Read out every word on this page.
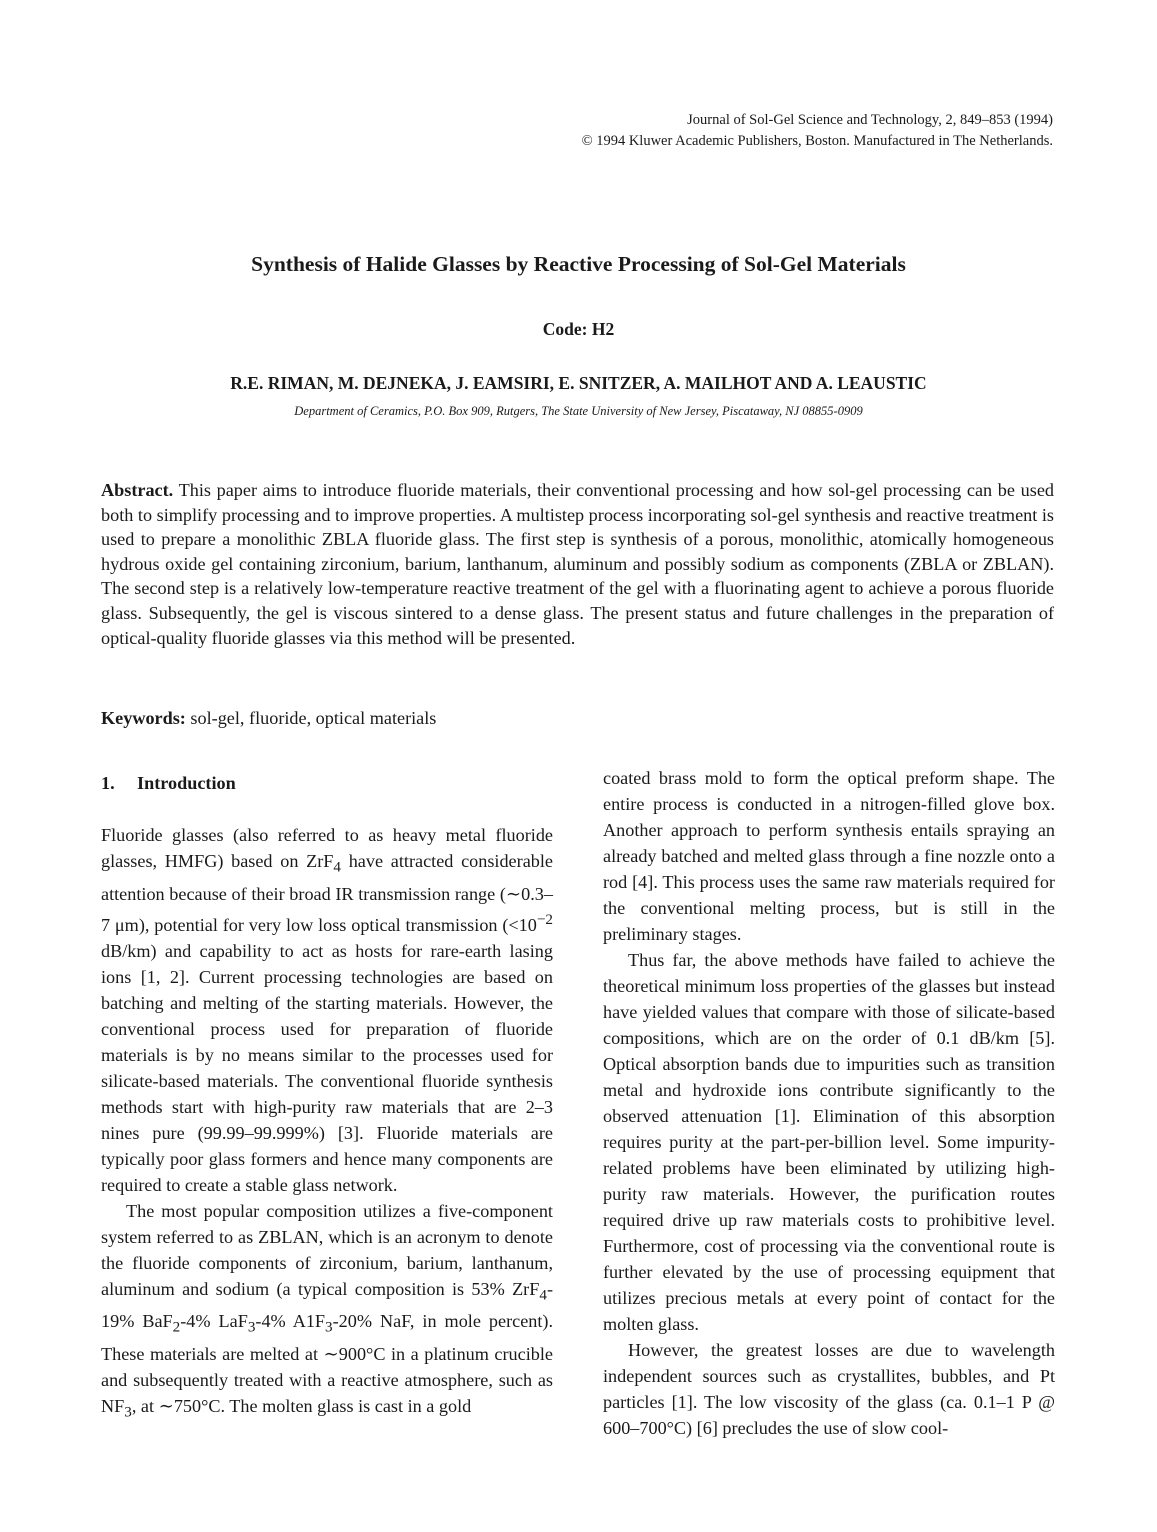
Journal of Sol-Gel Science and Technology, 2, 849–853 (1994)
© 1994 Kluwer Academic Publishers, Boston. Manufactured in The Netherlands.
Synthesis of Halide Glasses by Reactive Processing of Sol-Gel Materials
Code: H2
R.E. RIMAN, M. DEJNEKA, J. EAMSIRI, E. SNITZER, A. MAILHOT AND A. LEAUSTIC
Department of Ceramics, P.O. Box 909, Rutgers, The State University of New Jersey, Piscataway, NJ 08855-0909

Abstract. This paper aims to introduce fluoride materials, their conventional processing and how sol-gel processing can be used both to simplify processing and to improve properties. A multistep process incorporating sol-gel synthesis and reactive treatment is used to prepare a monolithic ZBLA fluoride glass. The first step is synthesis of a porous, monolithic, atomically homogeneous hydrous oxide gel containing zirconium, barium, lanthanum, aluminum and possibly sodium as components (ZBLA or ZBLAN). The second step is a relatively low-temperature reactive treatment of the gel with a fluorinating agent to achieve a porous fluoride glass. Subsequently, the gel is viscous sintered to a dense glass. The present status and future challenges in the preparation of optical-quality fluoride glasses via this method will be presented.

Keywords: sol-gel, fluoride, optical materials

1. Introduction

Fluoride glasses (also referred to as heavy metal fluoride glasses, HMFG) based on ZrF$_4$ have attracted considerable attention because of their broad IR transmission range (∼0.3–7 μm), potential for very low loss optical transmission ($<10^{-2}$ dB/km) and capability to act as hosts for rare-earth lasing ions [1, 2]. Current processing technologies are based on batching and melting of the starting materials. However, the conventional process used for preparation of fluoride materials is by no means similar to the processes used for silicate-based materials. The conventional fluoride synthesis methods start with high-purity raw materials that are 2–3 nines pure (99.99–99.999%) [3]. Fluoride materials are typically poor glass formers and hence many components are required to create a stable glass network.

The most popular composition utilizes a five-component system referred to as ZBLAN, which is an acronym to denote the fluoride components of zirconium, barium, lanthanum, aluminum and sodium (a typical composition is 53% ZrF$_4$-19% BaF$_2$-4% LaF$_3$-4% $A1F_3-20\%$ NaF, in mole percent). These materials are melted at ∼900°C in a platinum crucible and subsequently treated with a reactive atmosphere, such as $NF_3$, at ∼750°C. The molten glass is cast in a gold

coated brass mold to form the optical preform shape. The entire process is conducted in a nitrogen-filled glove box. Another approach to perform synthesis entails spraying an already batched and melted glass through a fine nozzle onto a rod [4]. This process uses the same raw materials required for the conventional melting process, but is still in the preliminary stages.

Thus far, the above methods have failed to achieve the theoretical minimum loss properties of the glasses but instead have yielded values that compare with those of silicate-based compositions, which are on the order of 0.1 dB/km [5]. Optical absorption bands due to impurities such as transition metal and hydroxide ions contribute significantly to the observed attenuation [1]. Elimination of this absorption requires purity at the part-per-billion level. Some impurity-related problems have been eliminated by utilizing high-purity raw materials. However, the purification routes required drive up raw materials costs to prohibitive level. Furthermore, cost of processing via the conventional route is further elevated by the use of processing equipment that utilizes precious metals at every point of contact for the molten glass.

However, the greatest losses are due to wavelength independent sources such as crystallites, bubbles, and Pt particles [1]. The low viscosity of the glass (ca. 0.1–1 P @ 600–700°C) [6] precludes the use of slow cool-
